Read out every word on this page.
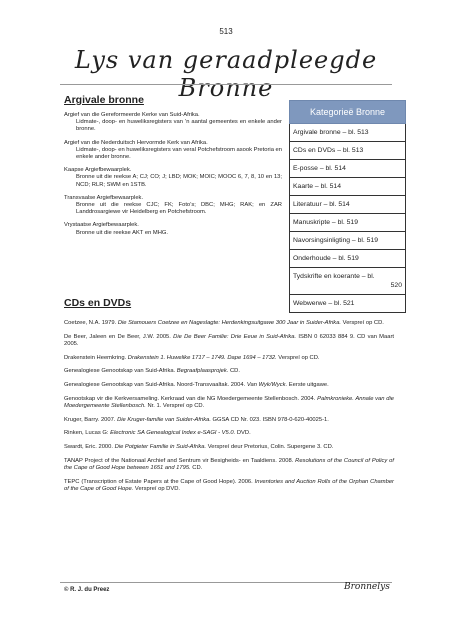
513
Lys van geraadpleegde Bronne
Argivale bronne
Argief van die Gereformeerde Kerke van Suid-Afrika.
Lidmate-, doop- en huweliksregisters van ’n aantal gemeentes en enkele ander bronne.
Argief van die Nederduitsch Hervormde Kerk van Afrika.
Lidmate-, doop- en huweliksregisters van veral Potchefstroom asook Pretoria en enkele ander bronne.
Kaapse Argiefbewaarplek.
Bronne uit die reekse A; CJ; CO; J; LBD; MOK; MOIC; MOOC 6, 7, 8, 10 en 13; NCD; RLR; SWM en 1STB.
Transvaalse Argiefbewaarplek.
Bronne uit die reekse CJC; FK; Foto’s; DBC; MHG; RAK; en ZAR Landdrosargiewe vir Heidelberg en Potchefstroom.
Vrystaatse Argiefbewaarplek.
Bronne uit die reekse AKT en MHG.
CDs en DVDs
Coetzee, N.A. 1979. Die Stamouers Coetzee en Nageslagte: Herdenkingsuitgawe 300 Jaar in Suider-Afrika. Verspreí op CD.
De Beer, Jaleen en De Beer, J.W. 2005. Die De Beer Familie: Drie Eeue in Suid-Afrika. ISBN 0 62033 884 9. CD van Maart 2005.
Drakenstein Heemkring. Drakenstein 1. Huwelike 1717 – 1749. Dape 1694 – 1732. Verspreí op CD.
Genealogiese Genootskap van Suid-Afrika. Begraafplaasprojek. CD.
Genealogiese Genootskap van Suid-Afrika. Noord-Transvaaltak. 2004. Van Wyk/Wyck. Eerste uitgawe.
Genootskap vir die Kerkversameling. Kerkraad van die NG Moedergemeente Stellenbosch. 2004. Palmkronieke. Annale van die Moedergemeente Stellenbosch. Nr. 1. Verspreí op CD.
Kruger, Barry. 2007. Die Kruger-familie van Suider-Afrika. GGSA CD Nr. 023. ISBN 978-0-620-40025-1.
Rinken, Lucas G: Electronic SA Genealogical Index e-SAGI - V5.0. DVD.
Swardt, Eric. 2000. Die Potgieter Familie in Suid-Afrika. Verspreí deur Pretorius, Colin. Supergene 3. CD.
TANAP Project of the Nationaal Archief and Sentrum vir Besigheids- en Taaldiens. 2008. Resolutions of the Council of Policy of the Cape of Good Hope between 1651 and 1795. CD.
TEPC (Transcription of Estate Papers at the Cape of Good Hope). 2006. Inventories and Auction Rolls of the Orphan Chamber of the Cape of Good Hope. Verspreí op DVD.
Kategorieë Bronne
Argivale bronne – bl. 513
CDs en DVDs – bl. 513
E-posse – bl. 514
Kaarte – bl. 514
Literatuur – bl. 514
Manuskripte – bl. 519
Navorsingsinligting – bl. 519
Onderhoude – bl. 519
Tydskrifte en koerante – bl.
520
Webwerwe – bl. 521
© R. J. du Preez	Bronnelys
